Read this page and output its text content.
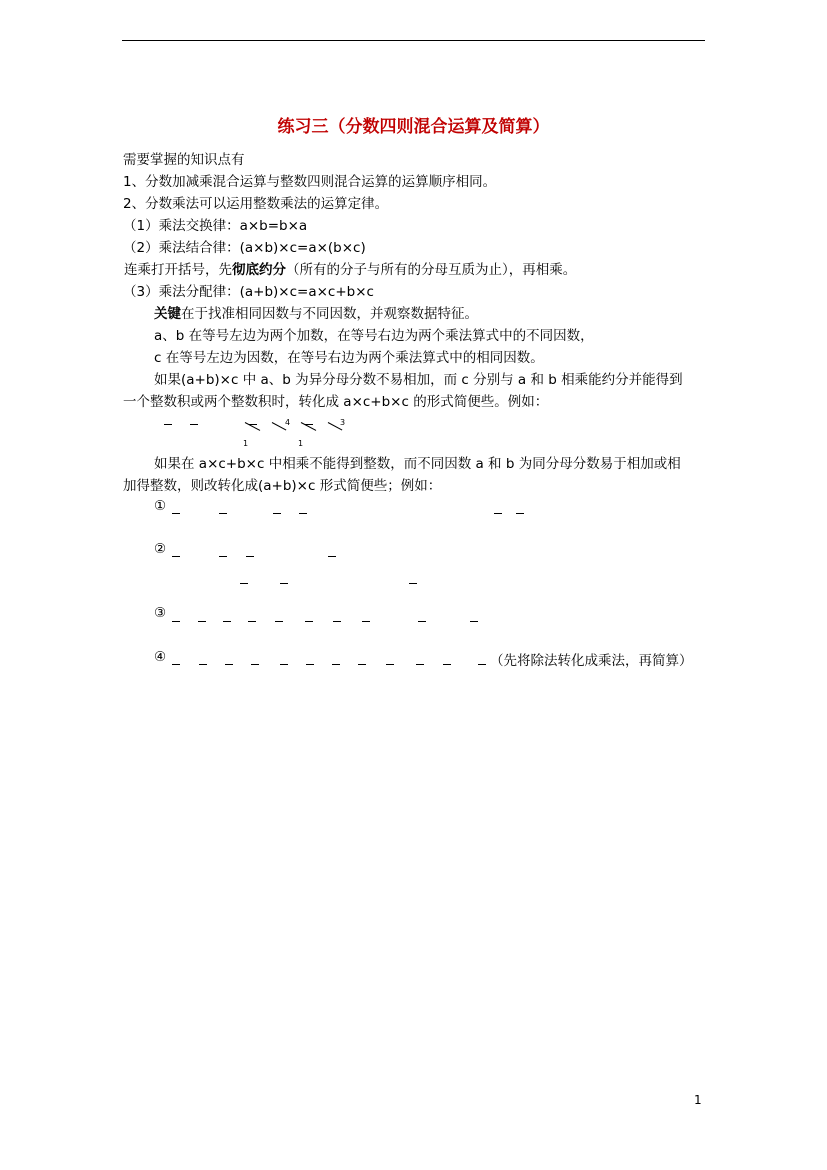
练习三（分数四则混合运算及简算）
需要掌握的知识点有
1、分数加减乘混合运算与整数四则混合运算的运算顺序相同。
2、分数乘法可以运用整数乘法的运算定律。
（1）乘法交换律：a×b=b×a
（2）乘法结合律：(a×b)×c=a×(b×c)
连乘打开括号，先彻底约分（所有的分子与所有的分母互质为止），再相乘。
（3）乘法分配律：(a+b)×c=a×c+b×c
关键在于找准相同因数与不同因数，并观察数据特征。
a、b 在等号左边为两个加数，在等号右边为两个乘法算式中的不同因数，
c 在等号左边为因数，在等号右边为两个乘法算式中的相同因数。
如果(a+b)×c 中 a、b 为异分母分数不易相加，而 c 分别与 a 和 b 相乘能约分并能得到
一个整数积或两个整数积时，转化成 a×c+b×c 的形式简便些。例如：
4	3
1	1
如果在 a×c+b×c 中相乘不能得到整数，而不同因数 a 和 b 为同分母分数易于相加或相
加得整数，则改转化成(a+b)×c 形式简便些；例如：
①
②
③
④	（先将除法转化成乘法，再简算）
1
